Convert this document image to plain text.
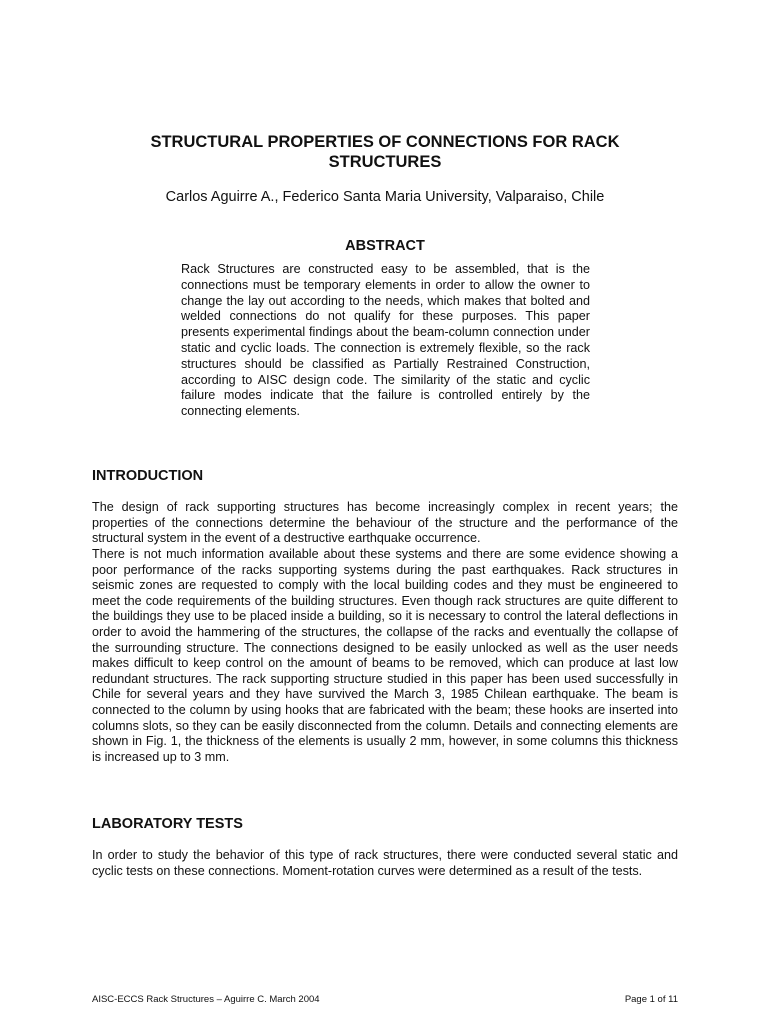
STRUCTURAL PROPERTIES OF CONNECTIONS FOR RACK STRUCTURES

Carlos Aguirre A., Federico Santa Maria University, Valparaiso, Chile

ABSTRACT

Rack Structures are constructed easy to be assembled, that is the connections must be temporary elements in order to allow the owner to change the lay out according to the needs, which makes that bolted and welded connections do not qualify for these purposes. This paper presents experimental findings about the beam-column connection under static and cyclic loads. The connection is extremely flexible, so the rack structures should be classified as Partially Restrained Construction, according to AISC design code. The similarity of the static and cyclic failure modes indicate that the failure is controlled entirely by the connecting elements.

INTRODUCTION

The design of rack supporting structures has become increasingly complex in recent years; the properties of the connections determine the behaviour of the structure and the performance of the structural system in the event of a destructive earthquake occurrence.

There is not much information available about these systems and there are some evidence showing a poor performance of the racks supporting systems during the past earthquakes. Rack structures in seismic zones are requested to comply with the local building codes and they must be engineered to meet the code requirements of the building structures. Even though rack structures are quite different to the buildings they use to be placed inside a building, so it is necessary to control the lateral deflections in order to avoid the hammering of the structures, the collapse of the racks and eventually the collapse of the surrounding structure. The connections designed to be easily unlocked as well as the user needs makes difficult to keep control on the amount of beams to be removed, which can produce at last low redundant structures. The rack supporting structure studied in this paper has been used successfully in Chile for several years and they have survived the March 3, 1985 Chilean earthquake. The beam is connected to the column by using hooks that are fabricated with the beam; these hooks are inserted into columns slots, so they can be easily disconnected from the column. Details and connecting elements are shown in Fig. 1, the thickness of the elements is usually 2 mm, however, in some columns this thickness is increased up to 3 mm.

LABORATORY TESTS

In order to study the behavior of this type of rack structures, there were conducted several static and cyclic tests on these connections. Moment-rotation curves were determined as a result of the tests.

AISC-ECCS Rack Structures – Aguirre C. March 2004	Page 1 of 11
